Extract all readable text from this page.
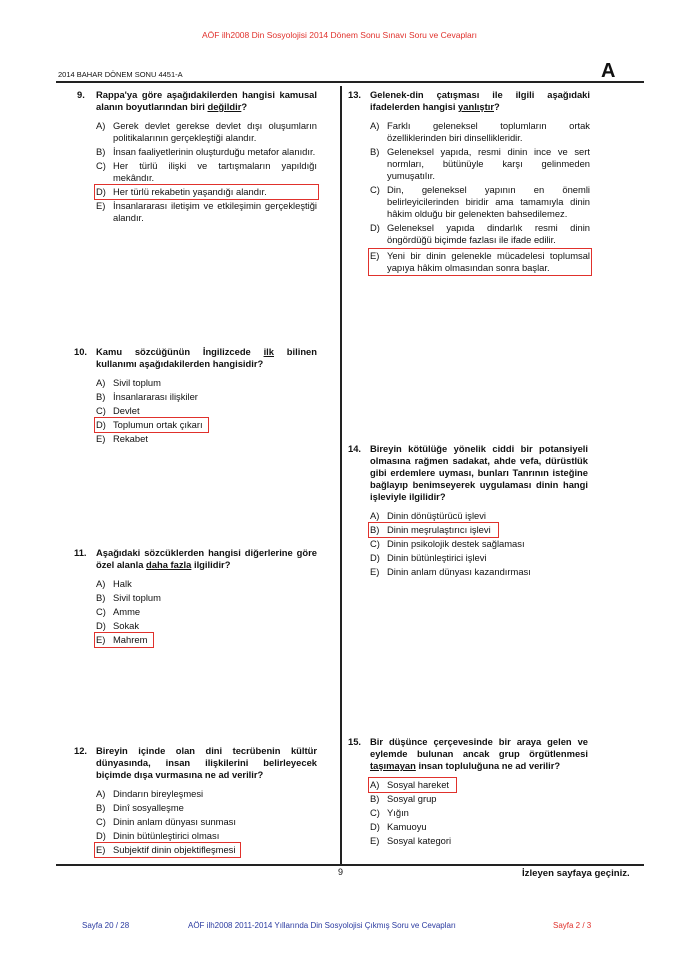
AÖF ilh2008 Din Sosyolojisi 2014 Dönem Sonu Sınavı Soru ve Cevapları
2014 BAHAR DÖNEM SONU 4451-A	A
9. Rappa'ya göre aşağıdakilerden hangisi kamusal alanın boyutlarından biri değildir?
A) Gerek devlet gerekse devlet dışı oluşumların politikalarının gerçekleştiği alandır.
B) İnsan faaliyetlerinin oluşturduğu metafor alanıdır.
C) Her türlü ilişki ve tartışmaların yapıldığı mekândır.
D) Her türlü rekabetin yaşandığı alandır.
E) İnsanlararası iletişim ve etkileşimin gerçekleştiği alandır.
10. Kamu sözcüğünün İngilizcede ilk bilinen kullanımı aşağıdakilerden hangisidir?
A) Sivil toplum
B) İnsanlararası ilişkiler
C) Devlet
D) Toplumun ortak çıkarı
E) Rekabet
11. Aşağıdaki sözcüklerden hangisi diğerlerine göre özel alanla daha fazla ilgilidir?
A) Halk
B) Sivil toplum
C) Amme
D) Sokak
E) Mahrem
12. Bireyin içinde olan dini tecrübenin kültür dünyasında, insan ilişkilerini belirleyecek biçimde dışa vurmasına ne ad verilir?
A) Dindarın bireyleşmesi
B) Dinî sosyalleşme
C) Dinin anlam dünyası sunması
D) Dinin bütünleştirici olması
E) Subjektif dinin objektifleşmesi
13. Gelenek-din çatışması ile ilgili aşağıdaki ifadelerden hangisi yanlıştır?
A) Farklı geleneksel toplumların ortak özelliklerinden biri dinsellikleridir.
B) Geleneksel yapıda, resmi dinin ince ve sert normları, bütünüyle karşı gelinmeden yumuşatılır.
C) Din, geleneksel yapının en önemli belirleyicilerinden biridir ama tamamıyla dinin hâkim olduğu bir gelenekten bahsedilemez.
D) Geleneksel yapıda dindarlık resmi dinin öngördüğü biçimde fazlası ile ifade edilir.
E) Yeni bir dinin gelenekle mücadelesi toplumsal yapıya hâkim olmasından sonra başlar.
14. Bireyin kötülüğe yönelik ciddi bir potansiyeli olmasına rağmen sadakat, ahde vefa, dürüstlük gibi erdemlere uyması, bunları Tanrının isteğine bağlayıp benimseyerek uygulaması dinin hangi işleviyle ilgilidir?
A) Dinin dönüştürücü işlevi
B) Dinin meşrulaştırıcı işlevi
C) Dinin psikolojik destek sağlaması
D) Dinin bütünleştirici işlevi
E) Dinin anlam dünyası kazandırması
15. Bir düşünce çerçevesinde bir araya gelen ve eylemde bulunan ancak grup örgütlenmesi taşımayan insan topluluğuna ne ad verilir?
A) Sosyal hareket
B) Sosyal grup
C) Yığın
D) Kamuoyu
E) Sosyal kategori
9	İzleyen sayfaya geçiniz.
Sayfa 20 / 28	AÖF ilh2008 2011-2014 Yıllarında Din Sosyolojisi Çıkmış Soru ve Cevapları	Sayfa 2 / 3
